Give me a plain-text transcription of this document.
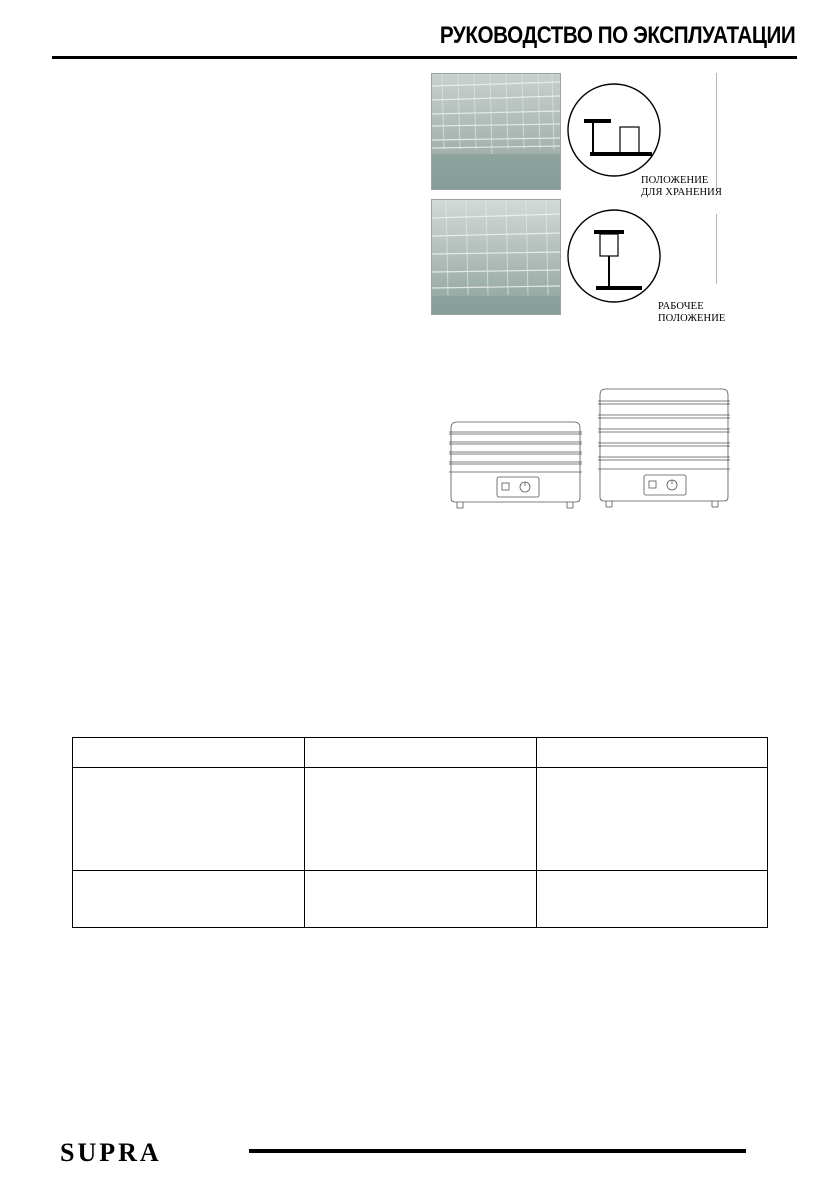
РУКОВОДСТВО ПО ЭКСПЛУАТАЦИИ
ПОЛОЖЕНИЕ
ДЛЯ ХРАНЕНИЯ
РАБОЧЕЕ
ПОЛОЖЕНИЕ

SUPRA
